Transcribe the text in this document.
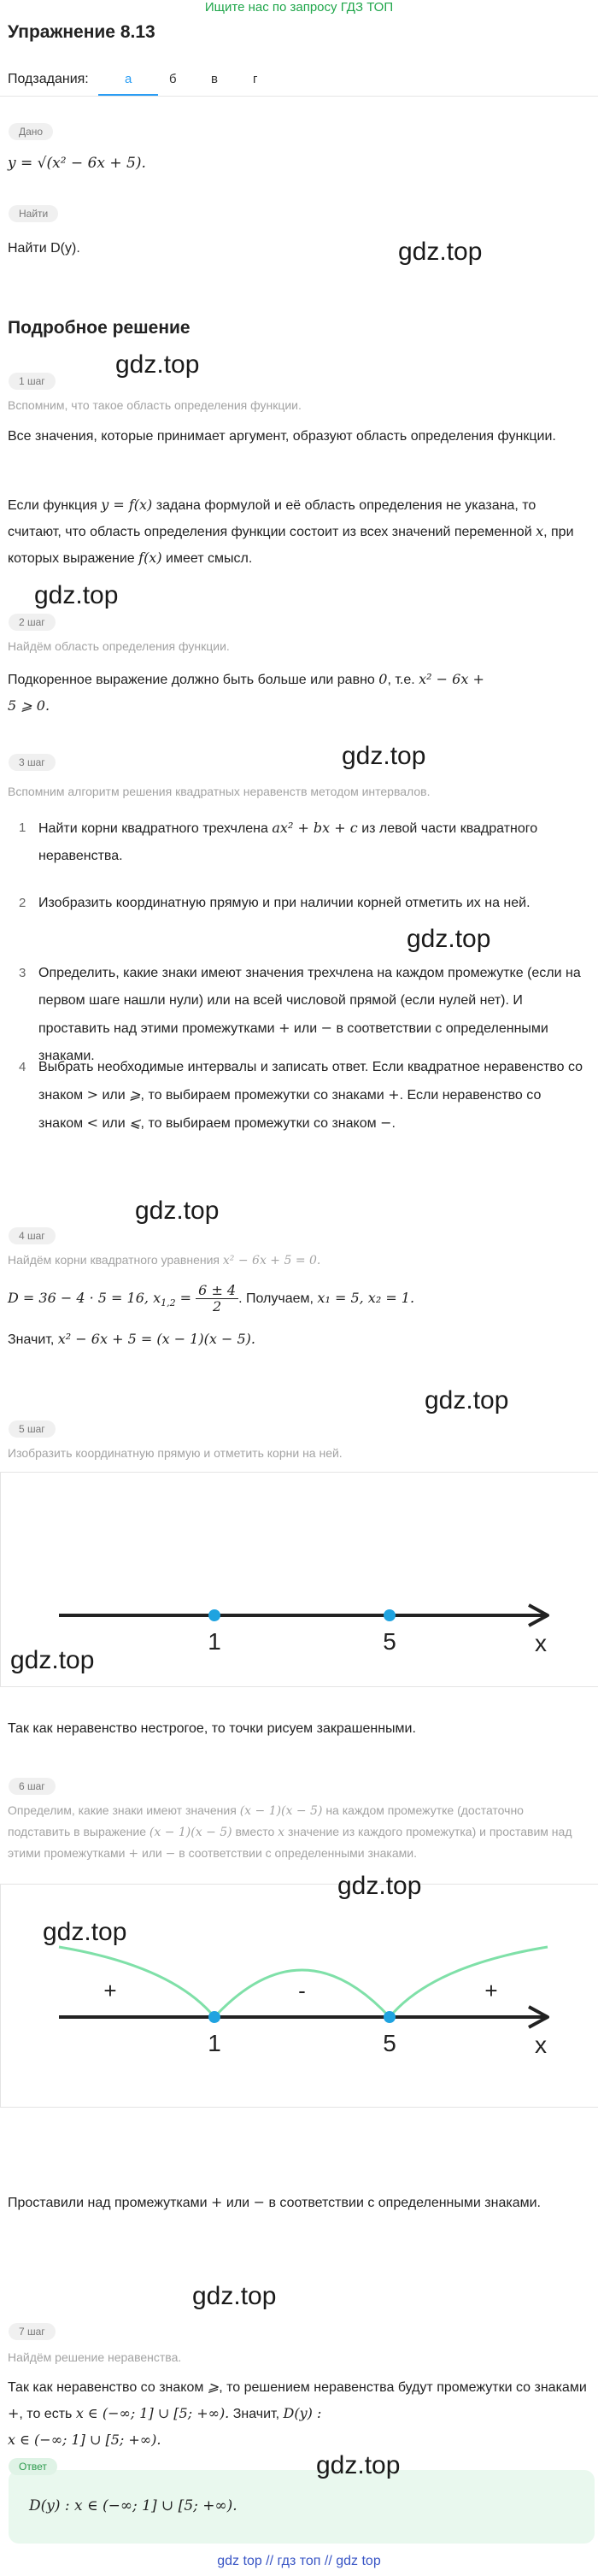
Ищите нас по запросу ГДЗ ТОП
Упражнение 8.13
Подзадания:	а	б	в	г
Дано
y = √(x² − 6x + 5).
Найти
Найти D(y).	gdz.top
Подробное решение
gdz.top
1 шаг
Вспомним, что такое область определения функции.
Все значения, которые принимает аргумент, образуют область определения функции.
Если функция y = f(x) задана формулой и её область определения не указана, то считают, что область определения функции состоит из всех значений переменной x, при которых выражение f(x) имеет смысл.
gdz.top
2 шаг
Найдём область определения функции.
Подкоренное выражение должно быть больше или равно 0, т.е. x² − 6x +
5 ⩾ 0.
gdz.top
3 шаг
Вспомним алгоритм решения квадратных неравенств методом интервалов.
1 Найти корни квадратного трехчлена ax² + bx + c из левой части квадратного неравенства.
2 Изобразить координатную прямую и при наличии корней отметить их на ней.
gdz.top
3 Определить, какие знаки имеют значения трехчлена на каждом промежутке (если на первом шаге нашли нули) или на всей числовой прямой (если нулей нет). И проставить над этими промежутками + или − в соответствии с определенными знаками.
4 Выбрать необходимые интервалы и записать ответ. Если квадратное неравенство со знаком > или ⩾, то выбираем промежутки со знаками +. Если неравенство со знаком < или ⩽, то выбираем промежутки со знаком −.
gdz.top
4 шаг
Найдём корни квадратного уравнения x² − 6x + 5 = 0.
D = 36 − 4 · 5 = 16, $x_{1,2} = \frac{6 \pm 4}{2}$ . Получаем, x₁ = 5, x₂ = 1.
Значит, x² − 6x + 5 = (x − 1)(x − 5).
gdz.top
5 шаг
Изобразить координатную прямую и отметить корни на ней.
x
1	5
gdz.top
Так как неравенство нестрогое, то точки рисуем закрашенными.
6 шаг
Определим, какие знаки имеют значения (x − 1)(x − 5) на каждом промежутке (достаточно подставить в выражение (x − 1)(x − 5) вместо x значение из каждого промежутка) и проставим над этими промежутками + или − в соответствии с определенными знаками.
x
+	-	+
1	5
gdz.top
gdz.top
Проставили над промежутками + или − в соответствии с определенными знаками.
gdz.top
7 шаг
Найдём решение неравенства.
Так как неравенство со знаком ⩾, то решением неравенства будут промежутки со знаками +, то есть x ∈ (−∞; 1] ∪ [5; +∞). Значит, D(y) :
x ∈ (−∞; 1] ∪ [5; +∞).
Ответ	gdz.top
D(y) : x ∈ (−∞; 1] ∪ [5; +∞).
gdz top // гдз топ // gdz top
